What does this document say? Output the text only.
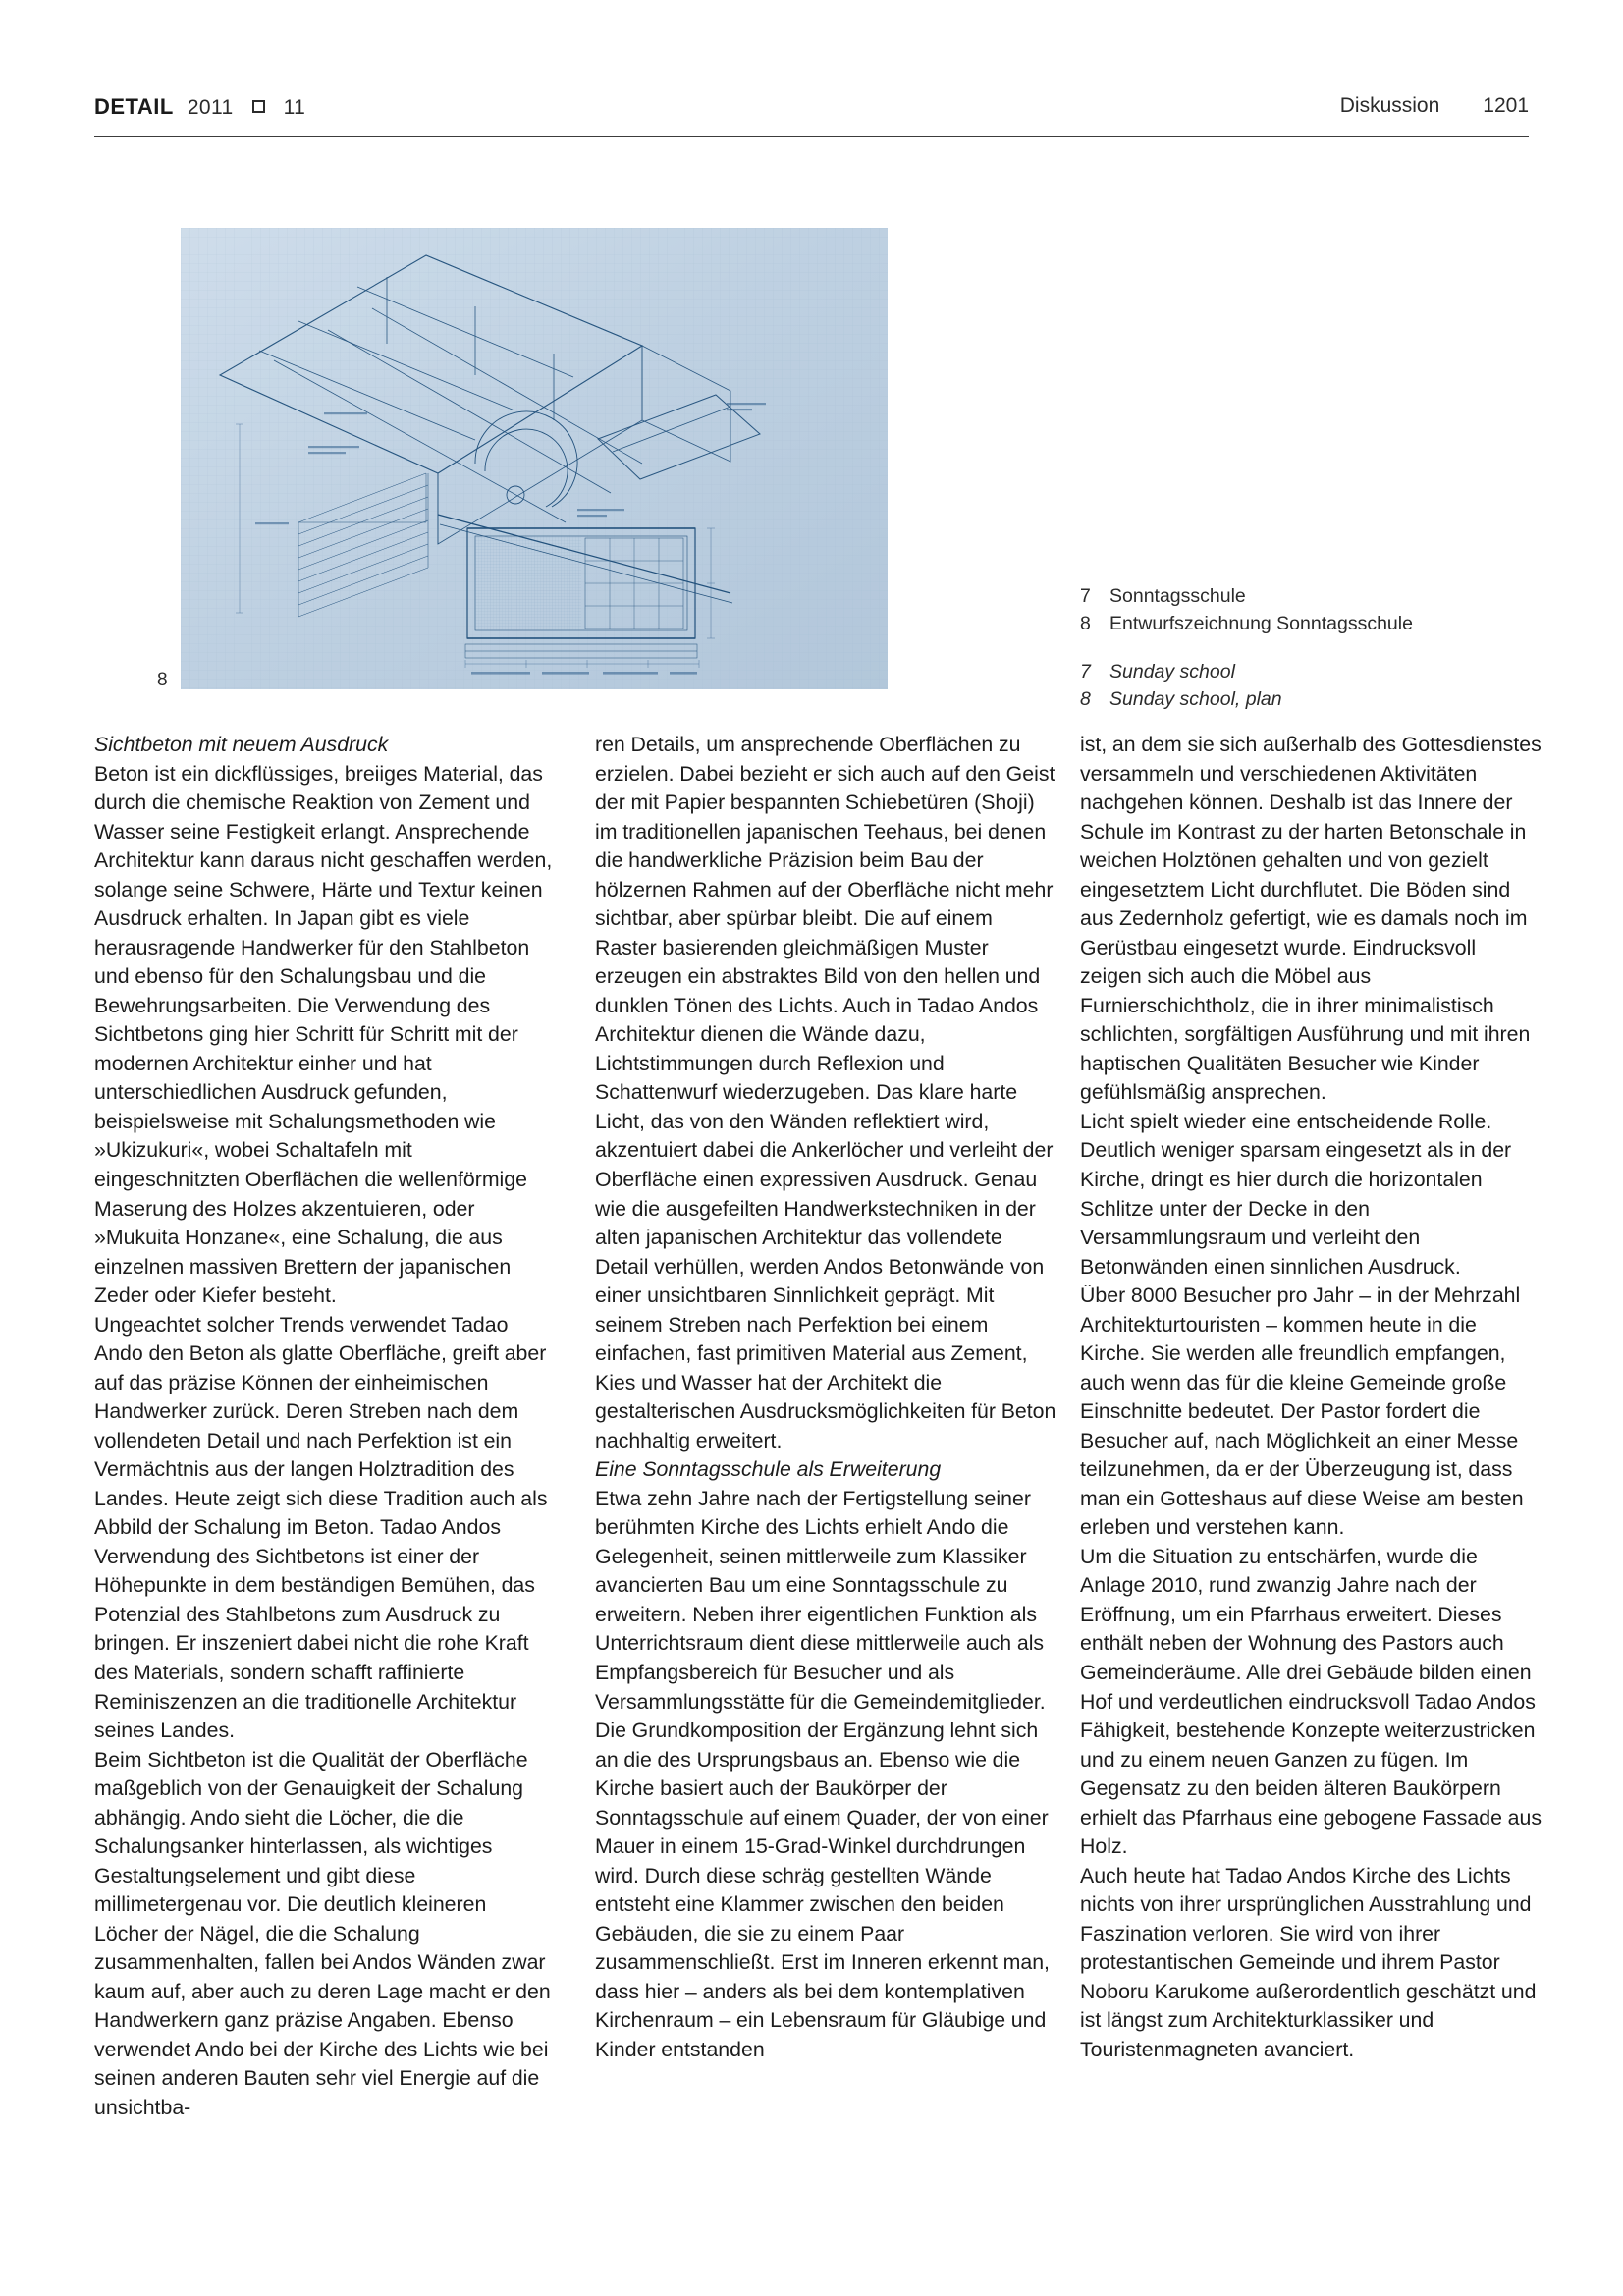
DETAIL 2011 11	Diskussion 1201
8
7 Sonntagsschule
8 Entwurfszeichnung Sonntagsschule
7 Sunday school
8 Sunday school, plan

Sichtbeton mit neuem Ausdruck

Beton ist ein dickflüssiges, breiiges Material, das durch die chemische Reaktion von Zement und Wasser seine Festigkeit erlangt. Ansprechende Architektur kann daraus nicht geschaffen werden, solange seine Schwere, Härte und Textur keinen Ausdruck erhalten. In Japan gibt es viele herausragende Handwerker für den Stahlbeton und ebenso für den Schalungsbau und die Bewehrungsarbeiten. Die Verwendung des Sichtbetons ging hier Schritt für Schritt mit der modernen Architektur einher und hat unterschiedlichen Ausdruck gefunden, beispielsweise mit Schalungsmethoden wie »Ukizukuri«, wobei Schaltafeln mit eingeschnitzten Oberflächen die wellenförmige Maserung des Holzes akzentuieren, oder »Mukuita Honzane«, eine Schalung, die aus einzelnen massiven Brettern der japanischen Zeder oder Kiefer besteht.

Ungeachtet solcher Trends verwendet Tadao Ando den Beton als glatte Oberfläche, greift aber auf das präzise Können der einheimischen Handwerker zurück. Deren Streben nach dem vollendeten Detail und nach Perfektion ist ein Vermächtnis aus der langen Holztradition des Landes. Heute zeigt sich diese Tradition auch als Abbild der Schalung im Beton. Tadao Andos Verwendung des Sichtbetons ist einer der Höhepunkte in dem beständigen Bemühen, das Potenzial des Stahlbetons zum Ausdruck zu bringen. Er inszeniert dabei nicht die rohe Kraft des Materials, sondern schafft raffinierte Reminiszenzen an die traditionelle Architektur seines Landes.

Beim Sichtbeton ist die Qualität der Oberfläche maßgeblich von der Genauigkeit der Schalung abhängig. Ando sieht die Löcher, die die Schalungsanker hinterlassen, als wichtiges Gestaltungselement und gibt diese millimetergenau vor. Die deutlich kleineren Löcher der Nägel, die die Schalung zusammenhalten, fallen bei Andos Wänden zwar kaum auf, aber auch zu deren Lage macht er den Handwerkern ganz präzise Angaben. Ebenso verwendet Ando bei der Kirche des Lichts wie bei seinen anderen Bauten sehr viel Energie auf die unsichtba-

ren Details, um ansprechende Oberflächen zu erzielen. Dabei bezieht er sich auch auf den Geist der mit Papier bespannten Schiebetüren (Shoji) im traditionellen japanischen Teehaus, bei denen die handwerkliche Präzision beim Bau der hölzernen Rahmen auf der Oberfläche nicht mehr sichtbar, aber spürbar bleibt. Die auf einem Raster basierenden gleichmäßigen Muster erzeugen ein abstraktes Bild von den hellen und dunklen Tönen des Lichts. Auch in Tadao Andos Architektur dienen die Wände dazu, Lichtstimmungen durch Reflexion und Schattenwurf wiederzugeben. Das klare harte Licht, das von den Wänden reflektiert wird, akzentuiert dabei die Ankerlöcher und verleiht der Oberfläche einen expressiven Ausdruck. Genau wie die ausgefeilten Handwerkstechniken in der alten japanischen Architektur das vollendete Detail verhüllen, werden Andos Betonwände von einer unsichtbaren Sinnlichkeit geprägt. Mit seinem Streben nach Perfektion bei einem einfachen, fast primitiven Material aus Zement, Kies und Wasser hat der Architekt die gestalterischen Ausdrucksmöglichkeiten für Beton nachhaltig erweitert.

Eine Sonntagsschule als Erweiterung

Etwa zehn Jahre nach der Fertigstellung seiner berühmten Kirche des Lichts erhielt Ando die Gelegenheit, seinen mittlerweile zum Klassiker avancierten Bau um eine Sonntagsschule zu erweitern. Neben ihrer eigentlichen Funktion als Unterrichtsraum dient diese mittlerweile auch als Empfangsbereich für Besucher und als Versammlungsstätte für die Gemeindemitglieder. Die Grundkomposition der Ergänzung lehnt sich an die des Ursprungsbaus an. Ebenso wie die Kirche basiert auch der Baukörper der Sonntagsschule auf einem Quader, der von einer Mauer in einem 15-Grad-Winkel durchdrungen wird. Durch diese schräg gestellten Wände entsteht eine Klammer zwischen den beiden Gebäuden, die sie zu einem Paar zusammenschließt. Erst im Inneren erkennt man, dass hier – anders als bei dem kontemplativen Kirchenraum – ein Lebensraum für Gläubige und Kinder entstanden

ist, an dem sie sich außerhalb des Gottesdienstes versammeln und verschiedenen Aktivitäten nachgehen können. Deshalb ist das Innere der Schule im Kontrast zu der harten Betonschale in weichen Holztönen gehalten und von gezielt eingesetztem Licht durchflutet. Die Böden sind aus Zedernholz gefertigt, wie es damals noch im Gerüstbau eingesetzt wurde. Eindrucksvoll zeigen sich auch die Möbel aus Furnierschichtholz, die in ihrer minimalistisch schlichten, sorgfältigen Ausführung und mit ihren haptischen Qualitäten Besucher wie Kinder gefühlsmäßig ansprechen.

Licht spielt wieder eine entscheidende Rolle. Deutlich weniger sparsam eingesetzt als in der Kirche, dringt es hier durch die horizontalen Schlitze unter der Decke in den Versammlungsraum und verleiht den Betonwänden einen sinnlichen Ausdruck.

Über 8000 Besucher pro Jahr – in der Mehrzahl Architekturtouristen – kommen heute in die Kirche. Sie werden alle freundlich empfangen, auch wenn das für die kleine Gemeinde große Einschnitte bedeutet. Der Pastor fordert die Besucher auf, nach Möglichkeit an einer Messe teilzunehmen, da er der Überzeugung ist, dass man ein Gotteshaus auf diese Weise am besten erleben und verstehen kann.

Um die Situation zu entschärfen, wurde die Anlage 2010, rund zwanzig Jahre nach der Eröffnung, um ein Pfarrhaus erweitert. Dieses enthält neben der Wohnung des Pastors auch Gemeinderäume. Alle drei Gebäude bilden einen Hof und verdeutlichen eindrucksvoll Tadao Andos Fähigkeit, bestehende Konzepte weiterzustricken und zu einem neuen Ganzen zu fügen. Im Gegensatz zu den beiden älteren Baukörpern erhielt das Pfarrhaus eine gebogene Fassade aus Holz.

Auch heute hat Tadao Andos Kirche des Lichts nichts von ihrer ursprünglichen Ausstrahlung und Faszination verloren. Sie wird von ihrer protestantischen Gemeinde und ihrem Pastor Noboru Karukome außerordentlich geschätzt und ist längst zum Architekturklassiker und Touristenmagneten avanciert.
